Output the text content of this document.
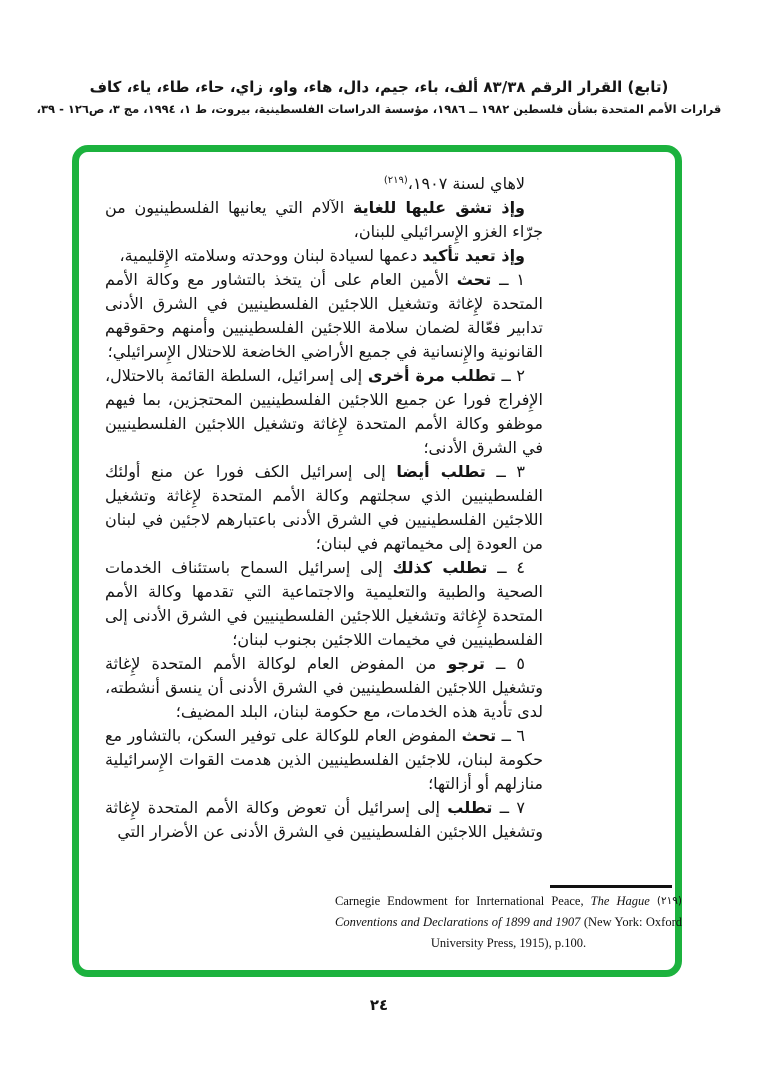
(تابع) القرار الرقم ٨٣/٣٨ ألف، باء، جيم، دال، هاء، واو، زاي، حاء، طاء، ياء، كاف
قرارات الأمم المتحدة بشأن فلسطين ١٩٨٢ ــ ١٩٨٦، مؤسسة الدراسات الفلسطينية، بيروت، ط ١، ١٩٩٤، مج ٣، ص١٢٦ - ٣٩،

لاهاي لسنة ١٩٠٧،$^{(٢١٩)}$

وإذ تشق عليها للغاية الآلام التي يعانيها الفلسطينيون من جرّاء الغزو الإِسرائيلي للبنان،

وإذ تعيد تأكيد دعمها لسيادة لبنان ووحدته وسلامته الإِقليمية،

١ ــ تحث الأمين العام على أن يتخذ بالتشاور مع وكالة الأمم المتحدة لإِغاثة وتشغيل اللاجئين الفلسطينيين في الشرق الأدنى تدابير فعّالة لضمان سلامة اللاجئين الفلسطينيين وأمنهم وحقوقهم القانونية والإِنسانية في جميع الأراضي الخاضعة للاحتلال الإِسرائيلي؛

٢ ــ تطلب مرة أخرى إلى إسرائيل، السلطة القائمة بالاحتلال، الإِفراج فورا عن جميع اللاجئين الفلسطينيين المحتجزين، بما فيهم موظفو وكالة الأمم المتحدة لإِغاثة وتشغيل اللاجئين الفلسطينيين في الشرق الأدنى؛

٣ ــ تطلب أيضا إلى إسرائيل الكف فورا عن منع أولئك الفلسطينيين الذي سجلتهم وكالة الأمم المتحدة لإِغاثة وتشغيل اللاجئين الفلسطينيين في الشرق الأدنى باعتبارهم لاجئين في لبنان من العودة إلى مخيماتهم في لبنان؛

٤ ــ تطلب كذلك إلى إسرائيل السماح باستئناف الخدمات الصحية والطبية والتعليمية والاجتماعية التي تقدمها وكالة الأمم المتحدة لإِغاثة وتشغيل اللاجئين الفلسطينيين في الشرق الأدنى إلى الفلسطينيين في مخيمات اللاجئين بجنوب لبنان؛

٥ ــ ترجو من المفوض العام لوكالة الأمم المتحدة لإِغاثة وتشغيل اللاجئين الفلسطينيين في الشرق الأدنى أن ينسق أنشطته، لدى تأدية هذه الخدمات، مع حكومة لبنان، البلد المضيف؛

٦ ــ تحث المفوض العام للوكالة على توفير السكن، بالتشاور مع حكومة لبنان، للاجئين الفلسطينيين الذين هدمت القوات الإِسرائيلية منازلهم أو أزالتها؛

٧ ــ تطلب إلى إسرائيل أن تعوض وكالة الأمم المتحدة لإِغاثة وتشغيل اللاجئين الفلسطينيين في الشرق الأدنى عن الأضرار التي

(٢١٩) Carnegie Endowment for Inrternational Peace, The Hague Conventions and Declarations of 1899 and 1907 (New York: Oxford University Press, 1915), p.100.
٢٤
